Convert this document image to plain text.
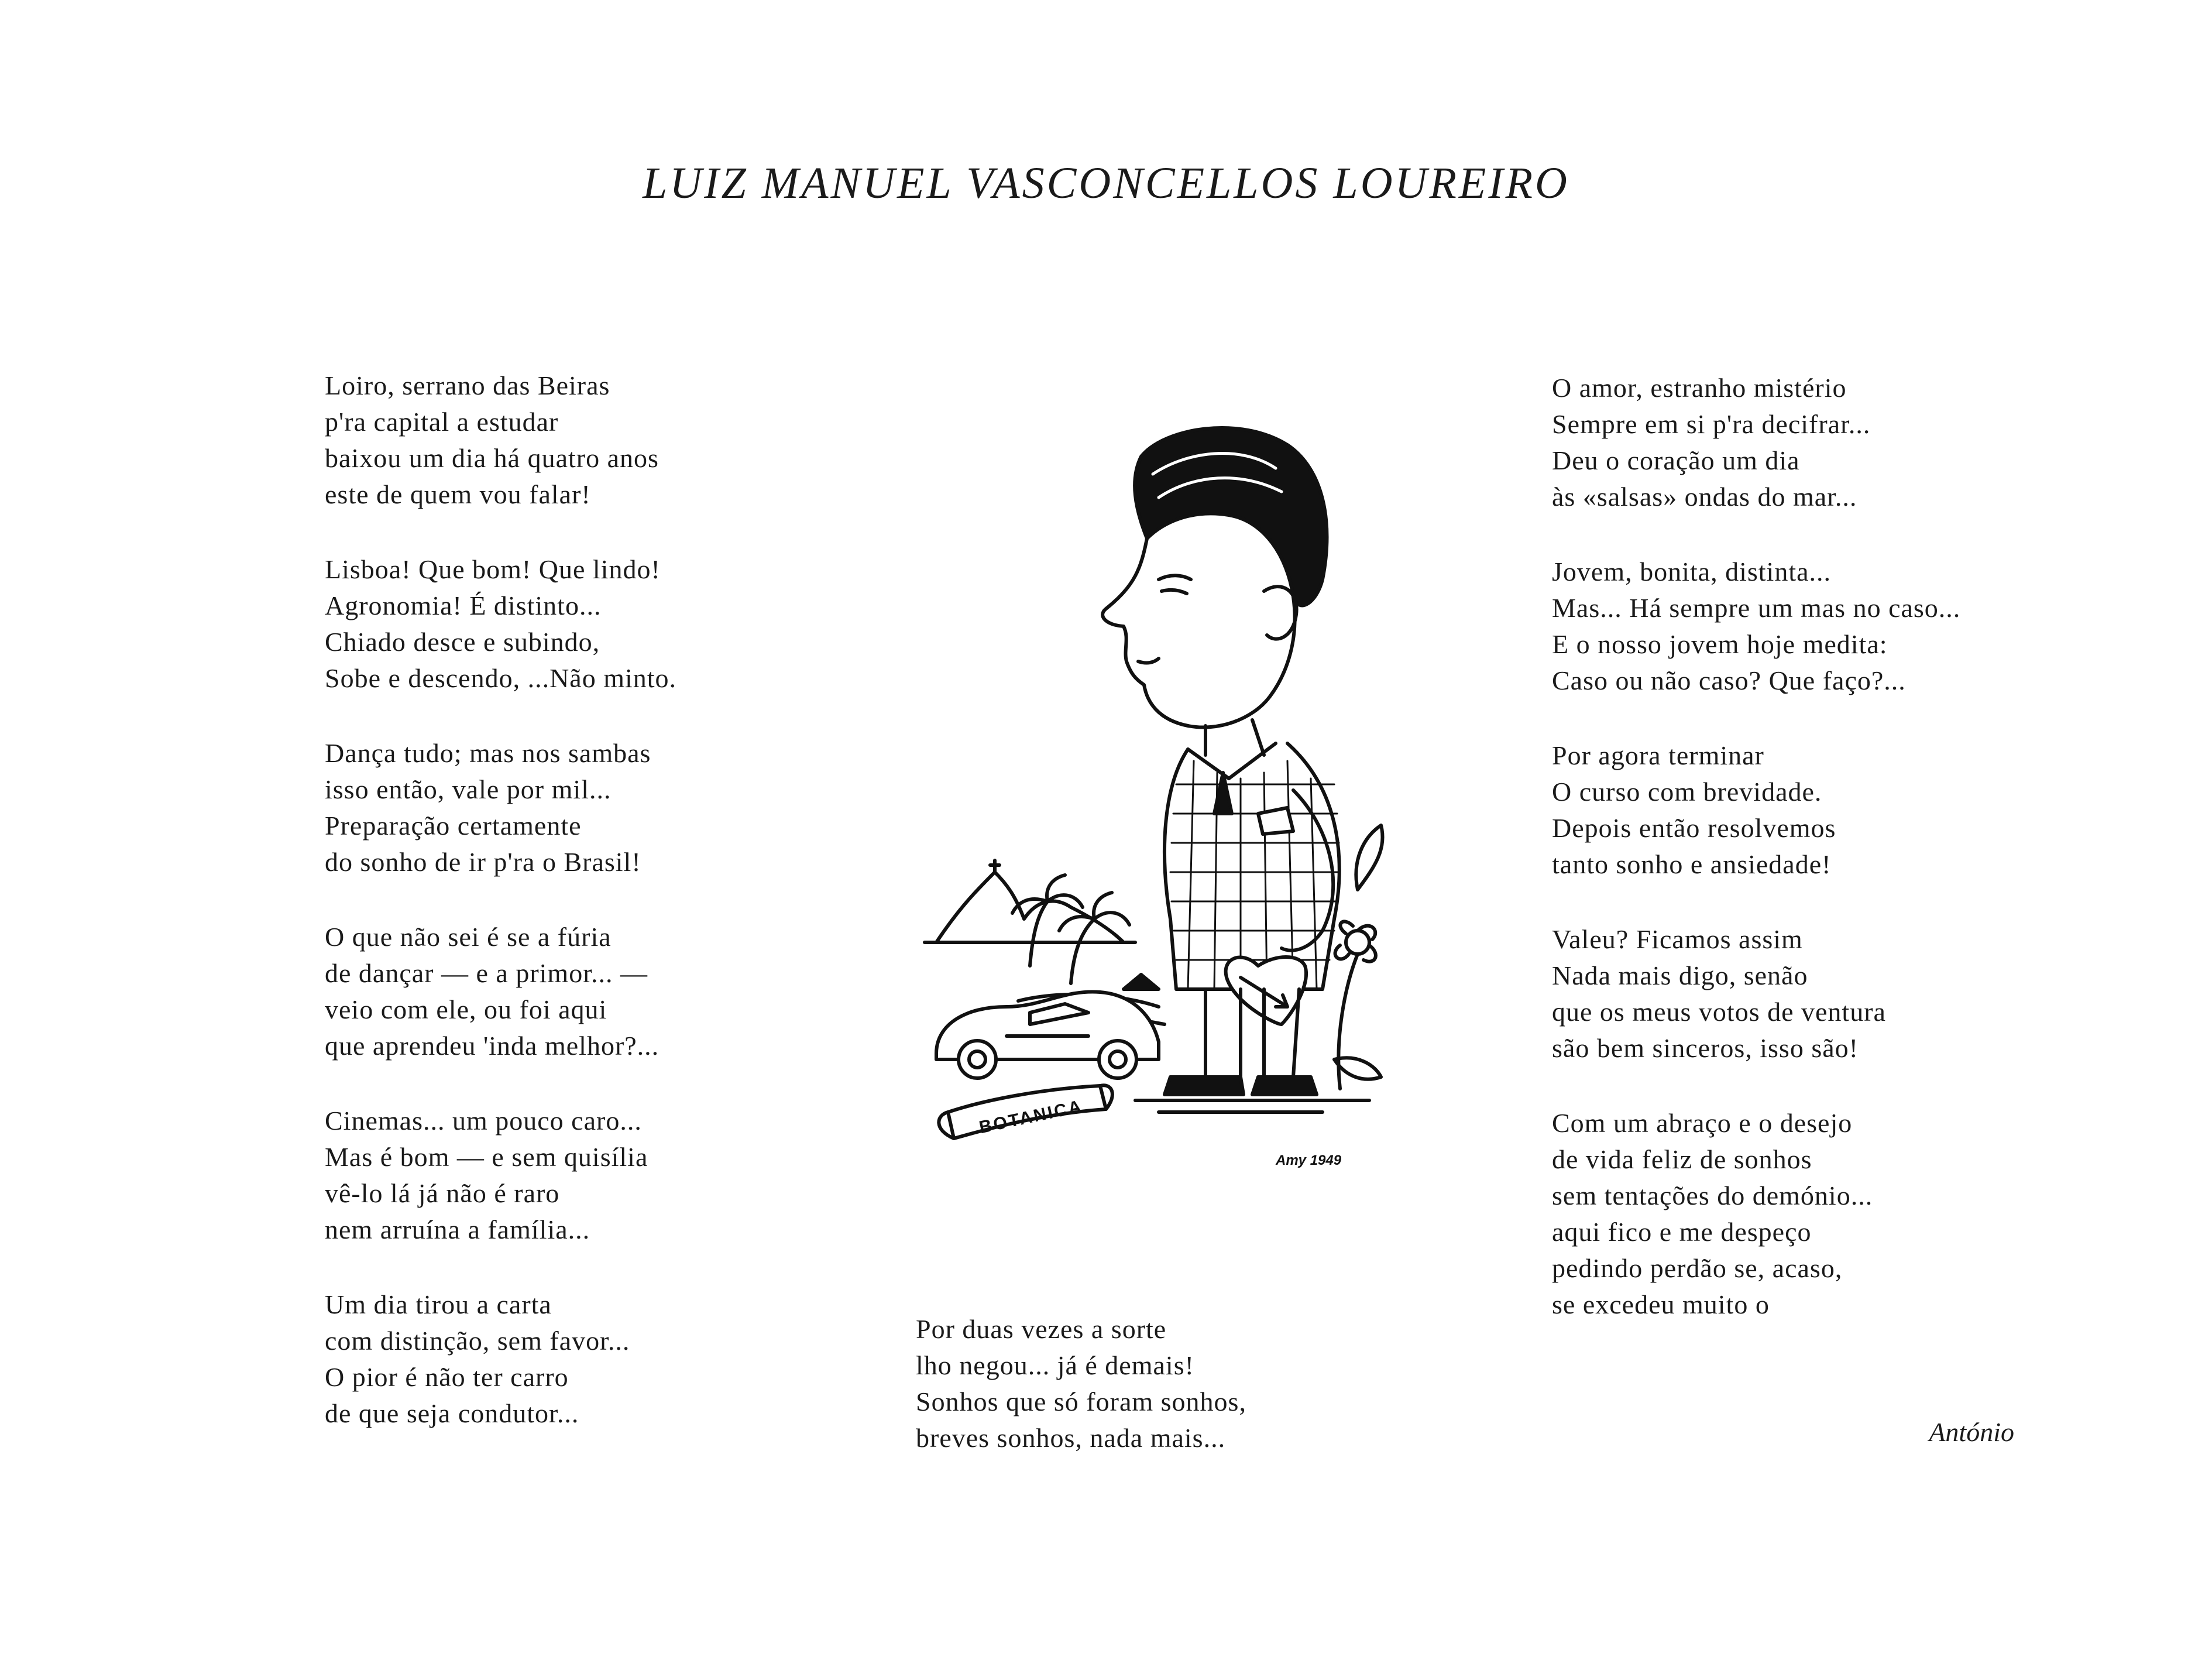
LUIZ MANUEL VASCONCELLOS LOUREIRO
Loiro, serrano das Beiras
p'ra capital a estudar
baixou um dia há quatro anos
este de quem vou falar!
Lisboa! Que bom! Que lindo!
Agronomia! É distinto...
Chiado desce e subindo,
Sobe e descendo, ...Não minto.
Dança tudo; mas nos sambas
isso então, vale por mil...
Preparação certamente
do sonho de ir p'ra o Brasil!
O que não sei é se a fúria
de dançar — e a primor... —
veio com ele, ou foi aqui
que aprendeu 'inda melhor?...
Cinemas... um pouco caro...
Mas é bom — e sem quisília
vê-lo lá já não é raro
nem arruína a família...
Um dia tirou a carta
com distinção, sem favor...
O pior é não ter carro
de que seja condutor...
BOTANICA
Amy 1949
Por duas vezes a sorte
lho negou... já é demais!
Sonhos que só foram sonhos,
breves sonhos, nada mais...
O amor, estranho mistério
Sempre em si p'ra decifrar...
Deu o coração um dia
às «salsas» ondas do mar...
Jovem, bonita, distinta...
Mas... Há sempre um mas no caso...
E o nosso jovem hoje medita:
Caso ou não caso? Que faço?...
Por agora terminar
O curso com brevidade.
Depois então resolvemos
tanto sonho e ansiedade!
Valeu? Ficamos assim
Nada mais digo, senão
que os meus votos de ventura
são bem sinceros, isso são!
Com um abraço e o desejo
de vida feliz de sonhos
sem tentações do demónio...
aqui fico e me despeço
pedindo perdão se, acaso,
se excedeu muito o
António
